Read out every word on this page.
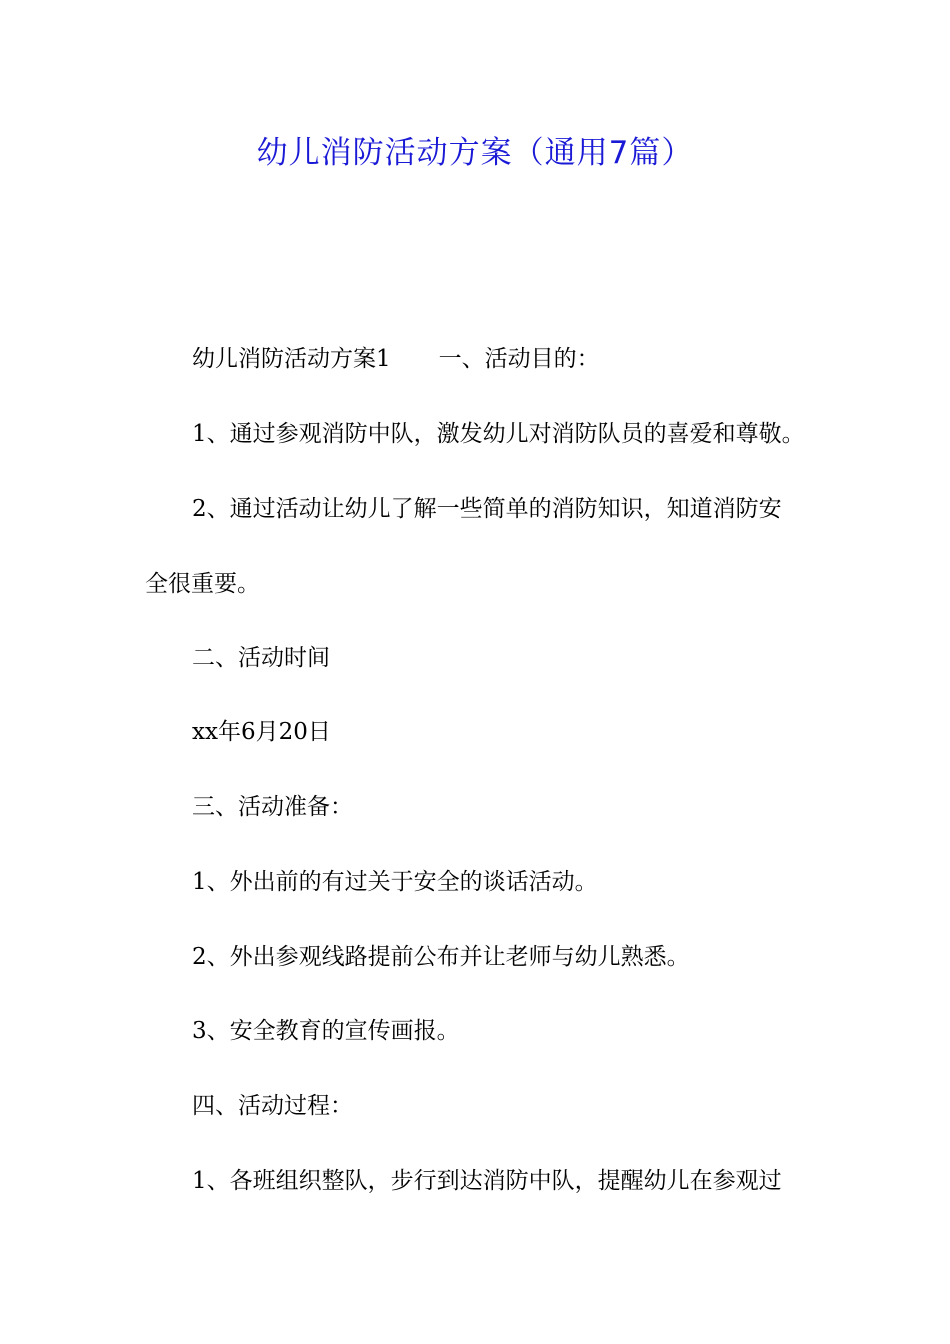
幼儿消防活动方案（通用7篇）

幼儿消防活动方案1 一、活动目的：

1、通过参观消防中队，激发幼儿对消防队员的喜爱和尊敬。

2、通过活动让幼儿了解一些简单的消防知识，知道消防安

全很重要。

二、活动时间

xx年6月20日

三、活动准备：

1、外出前的有过关于安全的谈话活动。

2、外出参观线路提前公布并让老师与幼儿熟悉。

3、安全教育的宣传画报。

四、活动过程：

1、各班组织整队，步行到达消防中队，提醒幼儿在参观过
